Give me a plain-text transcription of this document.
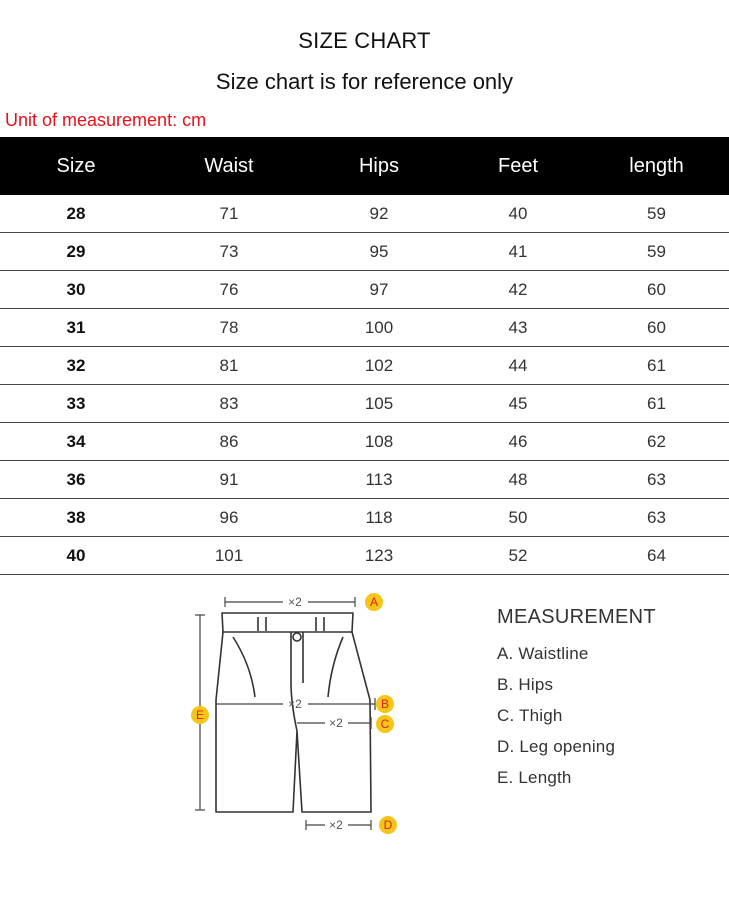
SIZE CHART
Size chart is for reference only
Unit of measurement: cm
Size	Waist	Hips	Feet	length
28	71	92	40	59
29	73	95	41	59
30	76	97	42	60
31	78	100	43	60
32	81	102	44	61
33	83	105	45	61
34	86	108	46	62
36	91	113	48	63
38	96	118	50	63
40	101	123	52	64
×2
×2
×2
×2
A
B
C
D
E
MEASUREMENT
A. Waistline
B. Hips
C. Thigh
D. Leg opening
E. Length
